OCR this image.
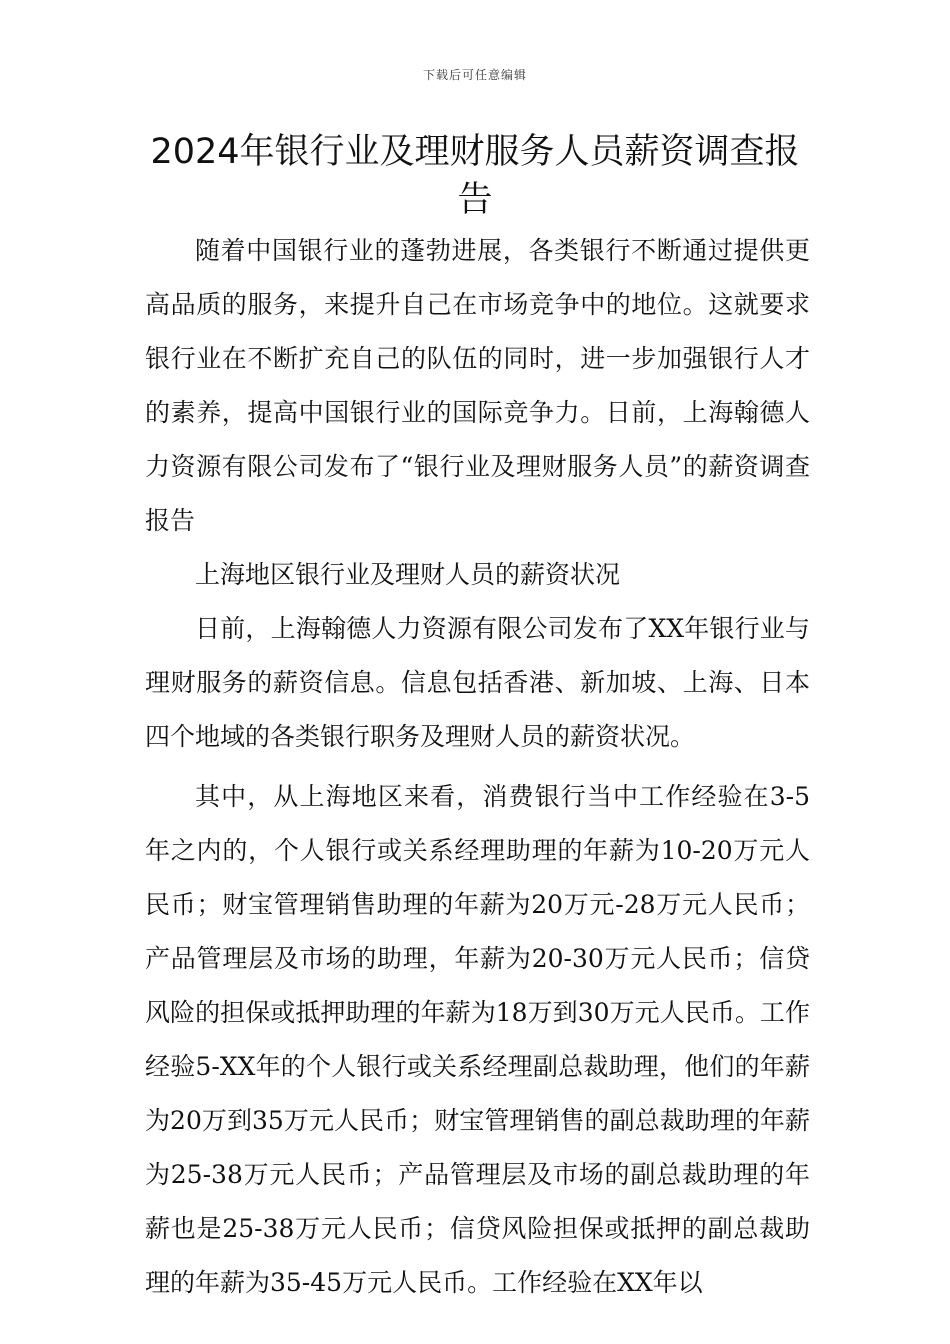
下载后可任意编辑
2024年银行业及理财服务人员薪资调查报告

随着中国银行业的蓬勃进展，各类银行不断通过提供更高品质的服务，来提升自己在市场竞争中的地位。这就要求银行业在不断扩充自己的队伍的同时，进一步加强银行人才的素养，提高中国银行业的国际竞争力。日前，上海翰德人力资源有限公司发布了“银行业及理财服务人员”的薪资调查报告

上海地区银行业及理财人员的薪资状况

日前，上海翰德人力资源有限公司发布了XX年银行业与理财服务的薪资信息。信息包括香港、新加坡、上海、日本四个地域的各类银行职务及理财人员的薪资状况。

其中，从上海地区来看，消费银行当中工作经验在3-5年之内的，个人银行或关系经理助理的年薪为10-20万元人民币；财宝管理销售助理的年薪为20万元-28万元人民币；产品管理层及市场的助理，年薪为20-30万元人民币；信贷风险的担保或抵押助理的年薪为18万到30万元人民币。工作经验5-XX年的个人银行或关系经理副总裁助理，他们的年薪为20万到35万元人民币；财宝管理销售的副总裁助理的年薪为25-38万元人民币；产品管理层及市场的副总裁助理的年薪也是25-38万元人民币；信贷风险担保或抵押的副总裁助理的年薪为35-45万元人民币。工作经验在XX年以
